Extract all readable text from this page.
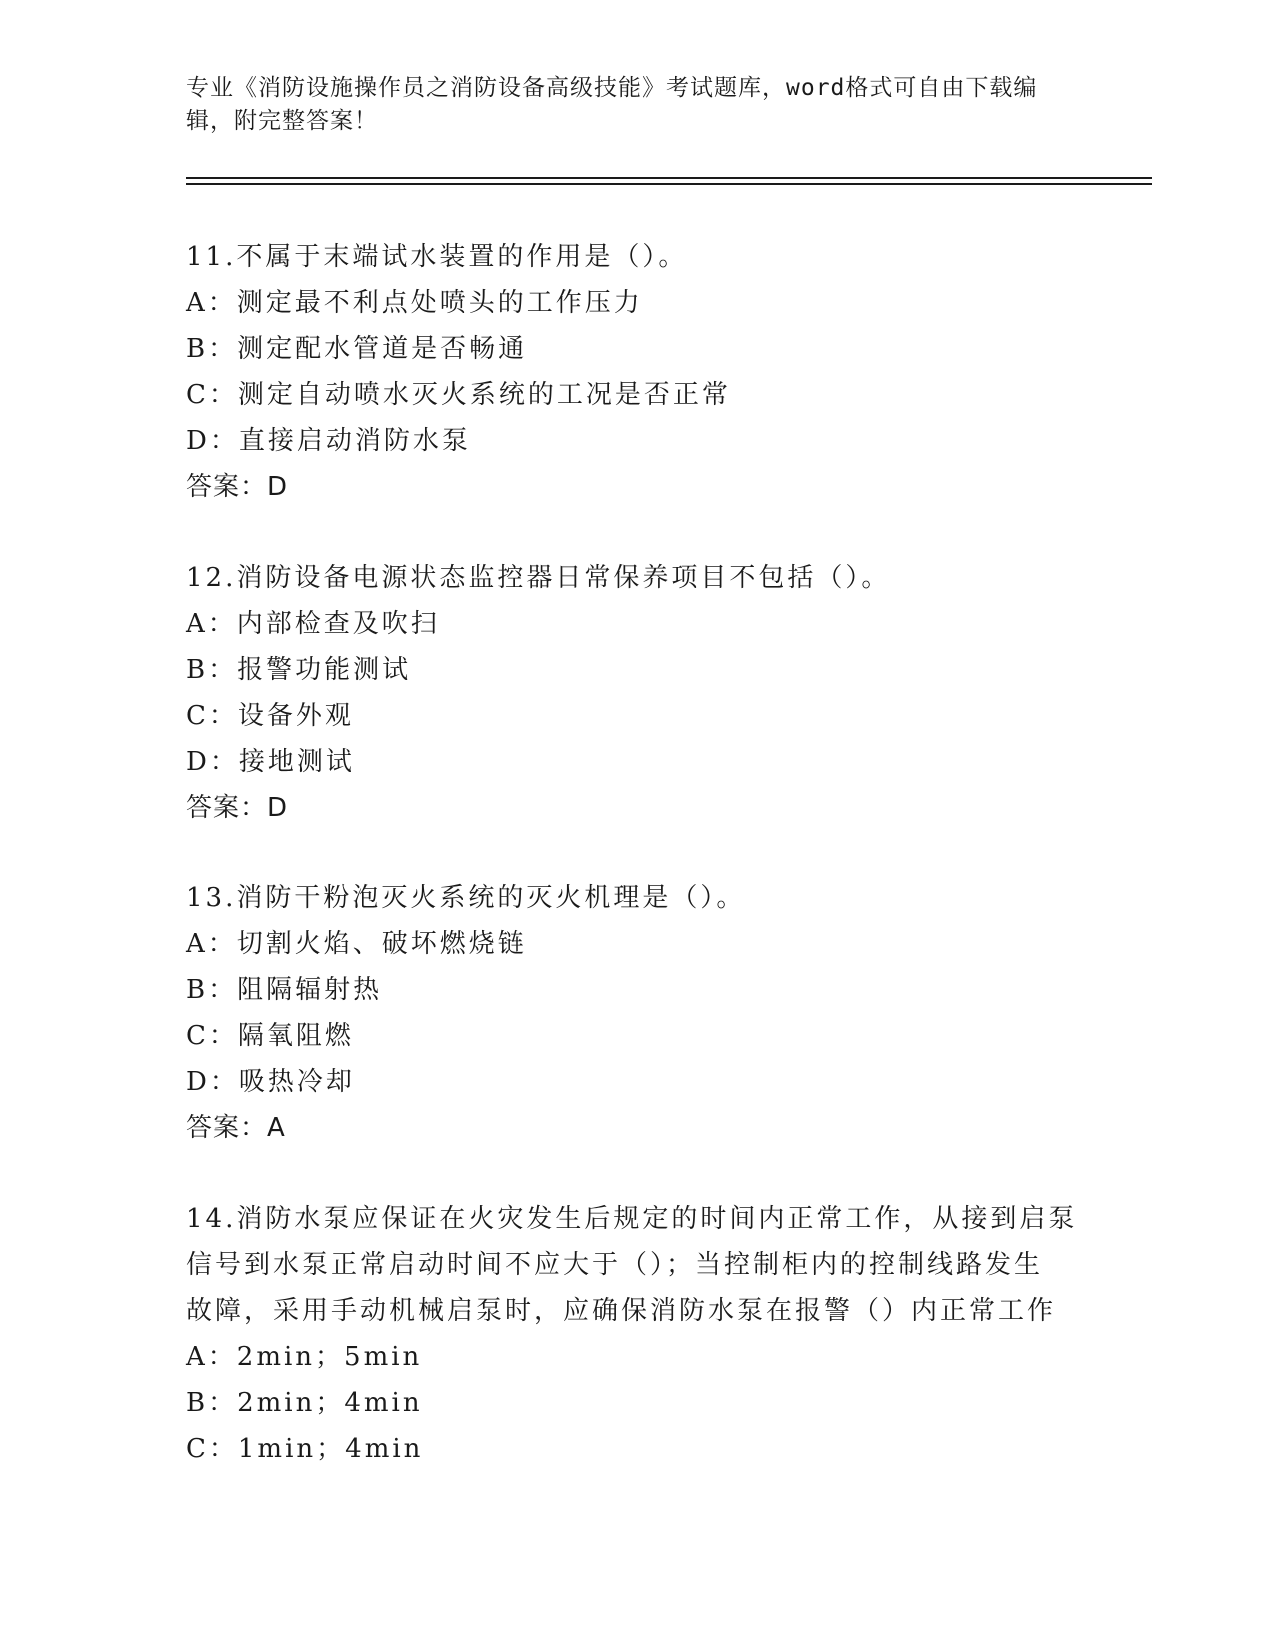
专业《消防设施操作员之消防设备高级技能》考试题库，word格式可自由下载编
辑，附完整答案！
11.不属于末端试水装置的作用是（）。
A：测定最不利点处喷头的工作压力
B：测定配水管道是否畅通
C：测定自动喷水灭火系统的工况是否正常
D：直接启动消防水泵
答案：D
12.消防设备电源状态监控器日常保养项目不包括（）。
A：内部检查及吹扫
B：报警功能测试
C：设备外观
D：接地测试
答案：D
13.消防干粉泡灭火系统的灭火机理是（）。
A：切割火焰、破坏燃烧链
B：阻隔辐射热
C：隔氧阻燃
D：吸热冷却
答案：A
14.消防水泵应保证在火灾发生后规定的时间内正常工作，从接到启泵
信号到水泵正常启动时间不应大于（）；当控制柜内的控制线路发生
故障，采用手动机械启泵时，应确保消防水泵在报警（）内正常工作
A：2min；5min
B：2min；4min
C：1min；4min
